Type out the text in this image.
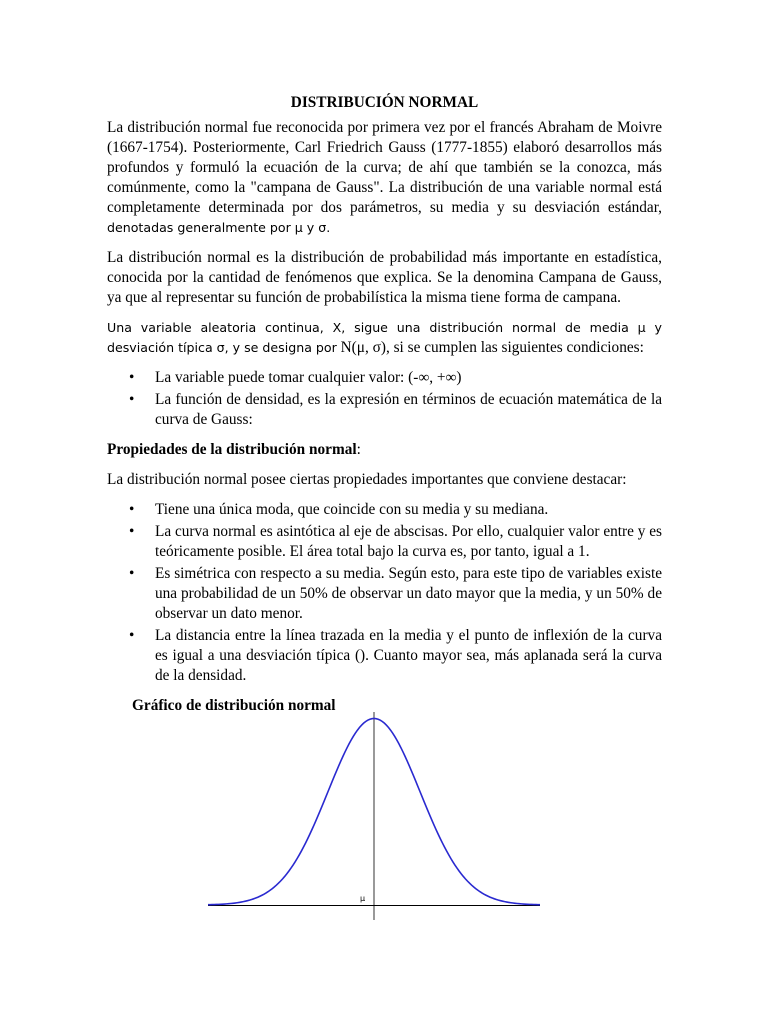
DISTRIBUCIÓN NORMAL

La distribución normal fue reconocida por primera vez por el francés Abraham de Moivre (1667-1754). Posteriormente, Carl Friedrich Gauss (1777-1855) elaboró desarrollos más profundos y formuló la ecuación de la curva; de ahí que también se la conozca, más comúnmente, como la "campana de Gauss". La distribución de una variable normal está completamente determinada por dos parámetros, su media y su desviación estándar, denotadas generalmente por μ y σ.

La distribución normal es la distribución de probabilidad más importante en estadística, conocida por la cantidad de fenómenos que explica. Se la denomina Campana de Gauss, ya que al representar su función de probabilística la misma tiene forma de campana.

Una variable aleatoria continua, X, sigue una distribución normal de media μ y desviación típica σ, y se designa por N(μ, σ), si se cumplen las siguientes condiciones:

• La variable puede tomar cualquier valor: (-∞, +∞)
• La función de densidad, es la expresión en términos de ecuación matemática de la curva de Gauss:
Propiedades de la distribución normal:

La distribución normal posee ciertas propiedades importantes que conviene destacar:

• Tiene una única moda, que coincide con su media y su mediana.
• La curva normal es asintótica al eje de abscisas. Por ello, cualquier valor entre y es teóricamente posible. El área total bajo la curva es, por tanto, igual a 1.
• Es simétrica con respecto a su media. Según esto, para este tipo de variables existe una probabilidad de un 50% de observar un dato mayor que la media, y un 50% de observar un dato menor.
• La distancia entre la línea trazada en la media y el punto de inflexión de la curva es igual a una desviación típica (). Cuanto mayor sea, más aplanada será la curva de la densidad.
Gráfico de distribución normal
μ
